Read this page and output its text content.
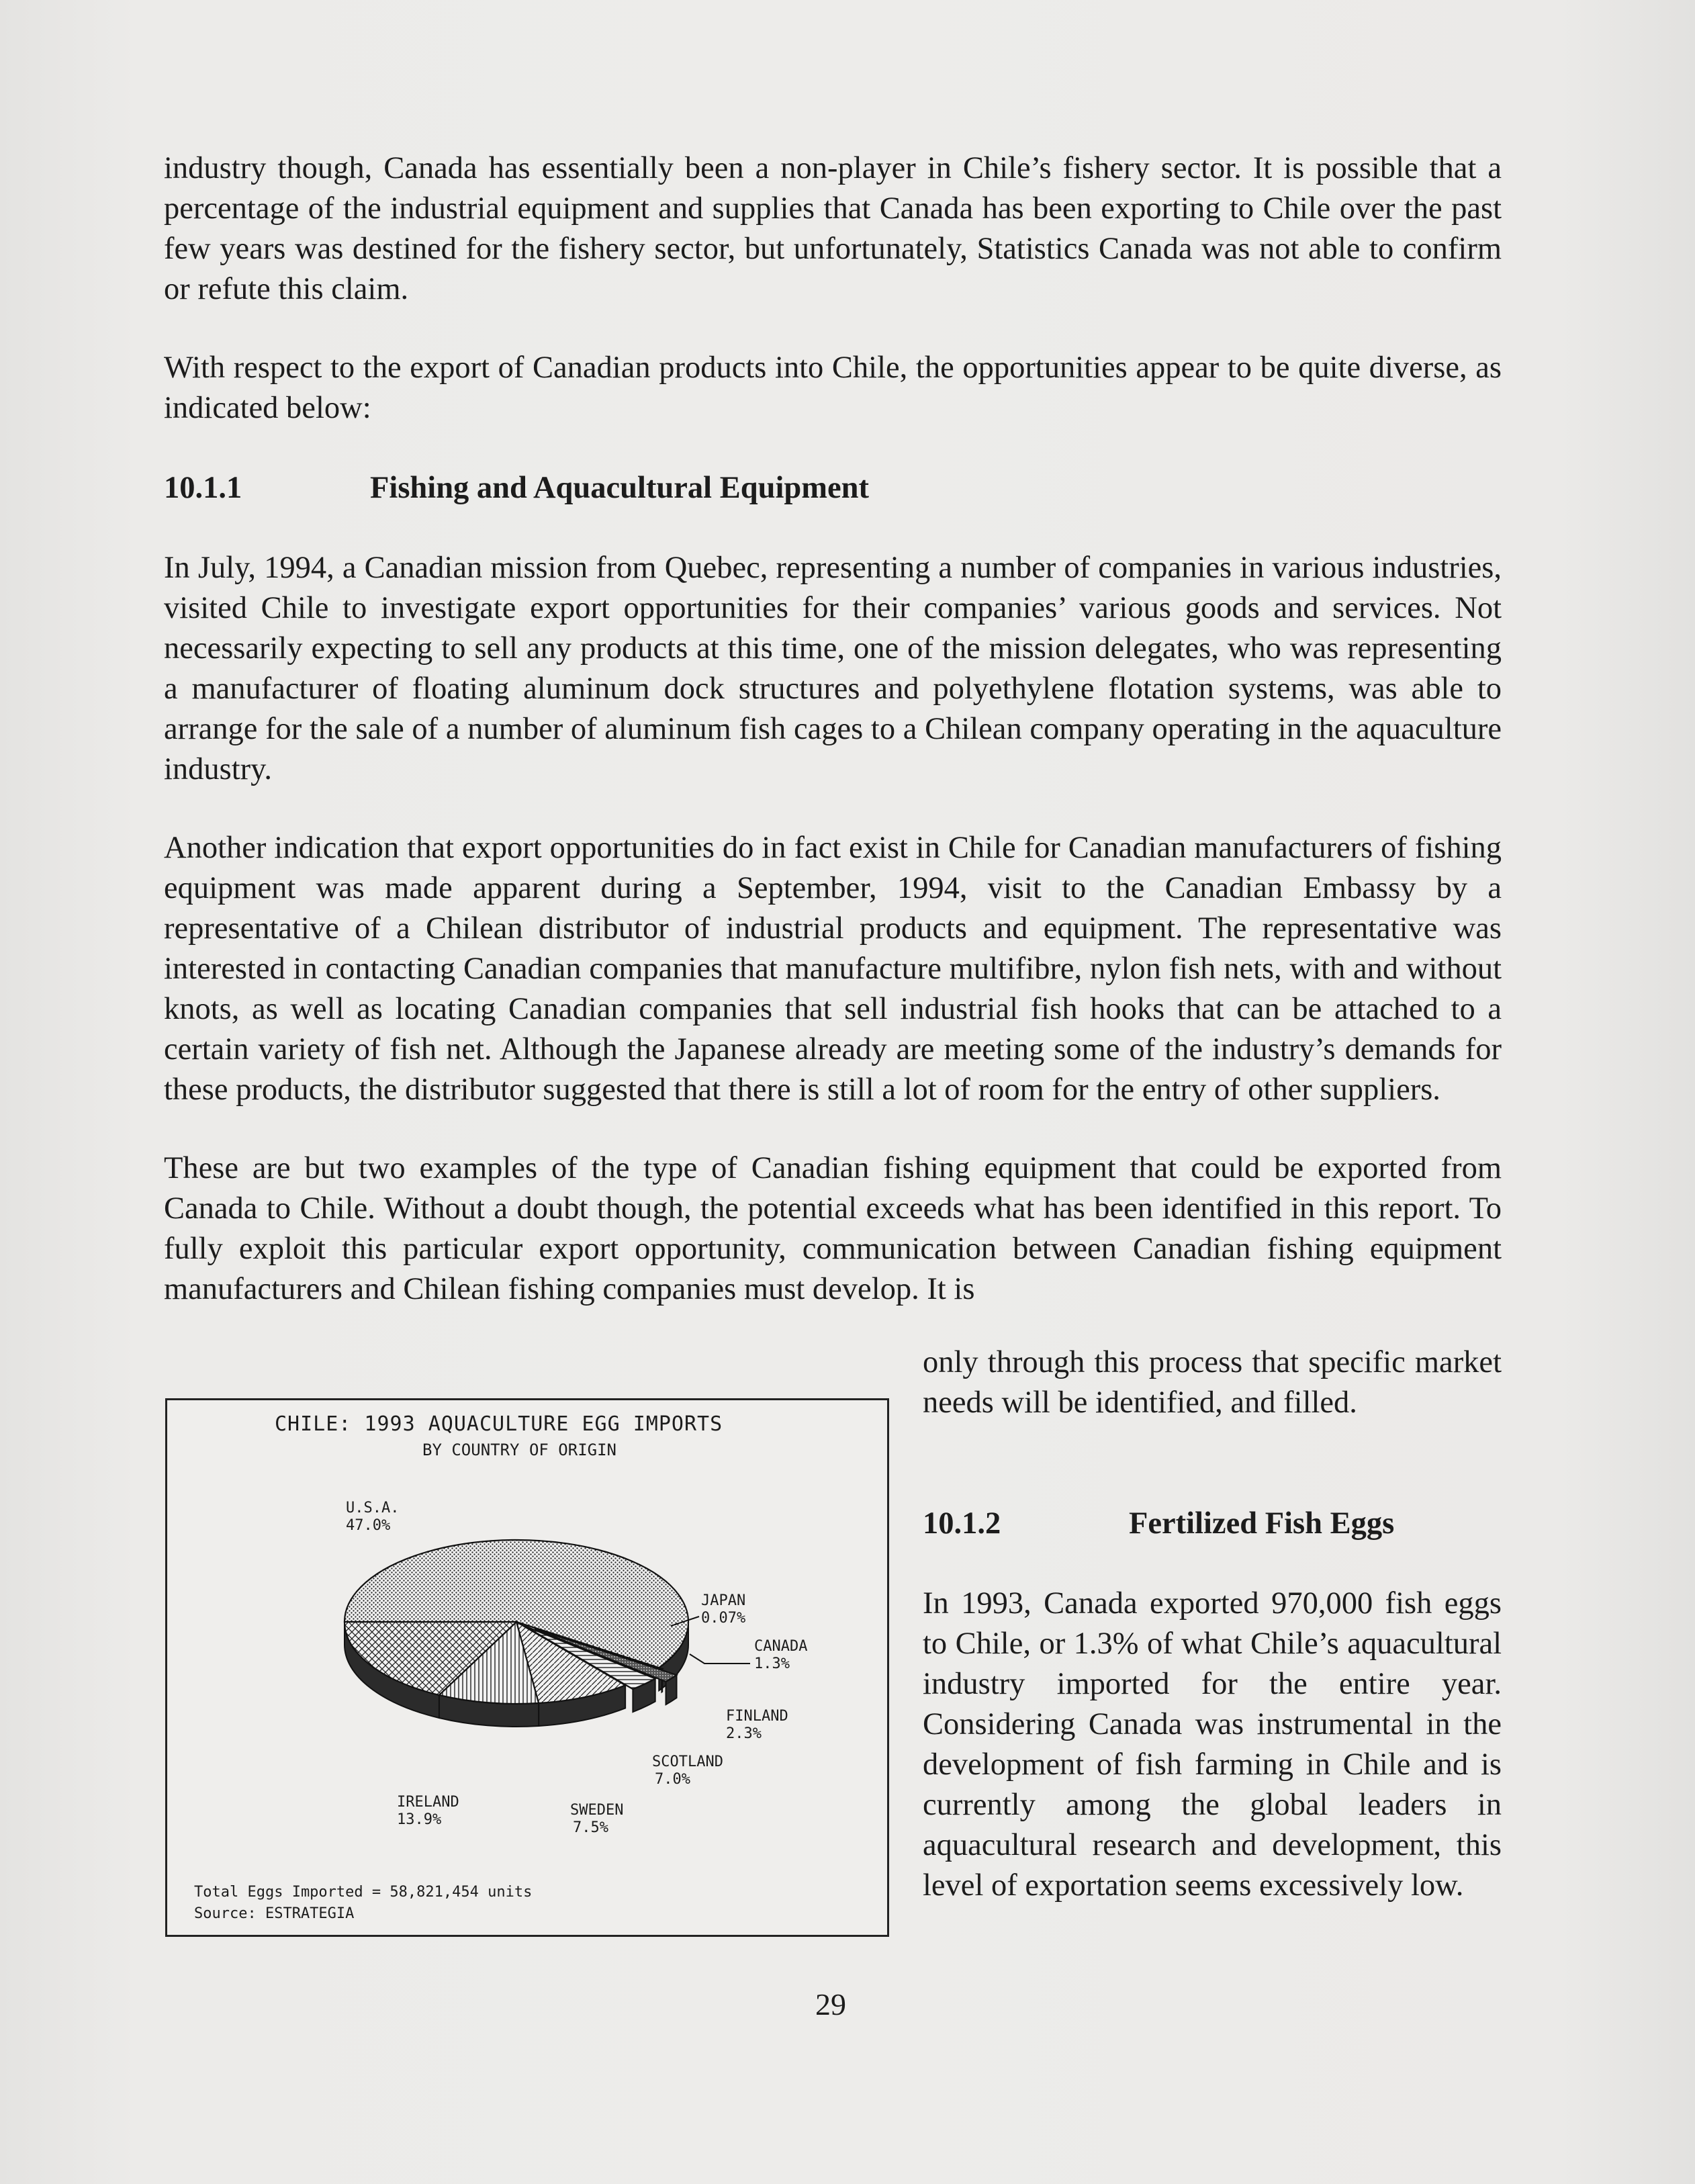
industry though, Canada has essentially been a non-player in Chile’s fishery sector. It is possible that a percentage of the industrial equipment and supplies that Canada has been exporting to Chile over the past few years was destined for the fishery sector, but unfortunately, Statistics Canada was not able to confirm or refute this claim.

With respect to the export of Canadian products into Chile, the opportunities appear to be quite diverse, as indicated below:

10.1.1	Fishing and Aquacultural Equipment

In July, 1994, a Canadian mission from Quebec, representing a number of companies in various industries, visited Chile to investigate export opportunities for their companies’ various goods and services. Not necessarily expecting to sell any products at this time, one of the mission delegates, who was representing a manufacturer of floating aluminum dock structures and polyethylene flotation systems, was able to arrange for the sale of a number of aluminum fish cages to a Chilean company operating in the aquaculture industry.

Another indication that export opportunities do in fact exist in Chile for Canadian manufacturers of fishing equipment was made apparent during a September, 1994, visit to the Canadian Embassy by a representative of a Chilean distributor of industrial products and equipment. The representative was interested in contacting Canadian companies that manufacture multifibre, nylon fish nets, with and without knots, as well as locating Canadian companies that sell industrial fish hooks that can be attached to a certain variety of fish net. Although the Japanese already are meeting some of the industry’s demands for these products, the distributor suggested that there is still a lot of room for the entry of other suppliers.

These are but two examples of the type of Canadian fishing equipment that could be exported from Canada to Chile. Without a doubt though, the potential exceeds what has been identified in this report. To fully exploit this particular export opportunity, communication between Canadian fishing equipment manufacturers and Chilean fishing companies must develop. It is

only through this process that specific market needs will be identified, and filled.
10.1.2	Fertilized Fish Eggs
In 1993, Canada exported 970,000 fish eggs to Chile, or 1.3% of what Chile’s aquacultural industry imported for the entire year. Considering Canada was instrumental in the development of fish farming in Chile and is currently among the global leaders in aquacultural research and development, this level of exportation seems excessively low.
CHILE: 1993 AQUACULTURE EGG IMPORTS
BY COUNTRY OF ORIGIN
U.S.A.
47.0%
JAPAN
0.07%
CANADA
1.3%
FINLAND
2.3%
SCOTLAND
7.0%
SWEDEN
7.5%
IRELAND
13.9%
Total Eggs Imported = 58,821,454 units
Source: ESTRATEGIA
29
